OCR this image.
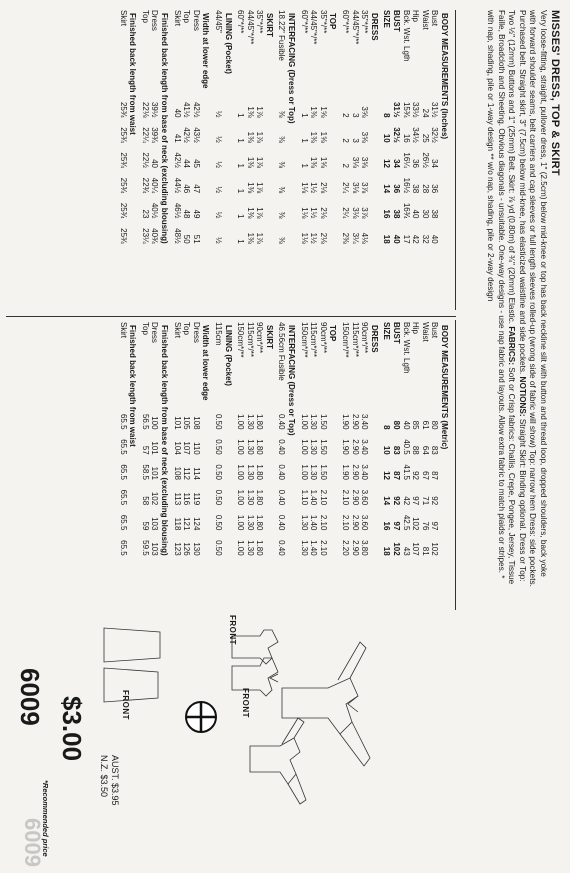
MISSES' DRESS, TOP & SKIRT
Very loose-fitting, straight, pullover dress, 1" (2.5cm) below mid-knee or top has back neckline slit with button and thread loop, dropped shoulders, back yoke with forward shoulder seams, belt carriers and cap sleeves or full length sleeves rolled-up (wrong side of fabric will show) Top: narrow hem Dress: side pockets. Purchased belt. Straight skirt, 3" (7.5cm) below mid-knee, has elasticized waistline and side pockets. NOTIONS: Straight Skirt: Binding optional. Dress or Top: Two ½" (12mm) Buttons and 1" (25mm) Belt. Skirt: ⅞ yd (0.80m) of ¾" (20mm) Elastic. FABRICS: Soft or Crisp fabrics: Challis, Crepe, Pongee, Jersey, Tissue Faille, Broadcloth and Sheeting. Obvious diagonals - unsuitable. One-way designs - use nap fabric and layouts. Allow extra fabric to match plaids or stripes. * with nap, shading, pile or 1-way design ** w/o nap, shading, pile or 2-way design
BODY MEASUREMENTS (Inches)						
Bust	31½	32½	34	36	38	40
Waist	24	25	26½	28	30	32
Hip	33½	34½	36	38	40	42
Bck. Wst. Lgth	15¾	16	16¼	16½	16¾	17
BUST	31½	32½	34	36	38	40
SIZE	8	10	12	14	16	18
DRESS						
35"*/**	3⅝	3⅝	3⅝	3⅞	3⅞	4⅛
44/45"*/**	3	3	3⅛	3⅛	3⅛	3¼
60"*/**	2	2	2	2¼	2¼	2⅜
TOP						
35"*/**	1⅝	1⅝	1⅝	2⅛	2⅛	2⅛
44/45"*/**	1⅜	1⅜	1⅜	1½	1½	1½
60"*/**	1	1	1	1⅛	1⅛	1⅛
INTERFACING (Dress or Top)						
18.22" Fusible	⅜	⅜	⅜	⅜	⅜	⅜
SKIRT						
35"*/**	1⅞	1⅞	1⅞	1⅞	1⅞	1⅞
44/45"*/**	1⅜	1⅜	1⅜	1⅜	1⅜	1⅜
60"*/**	1	1	1	1	1	1
LINING (Pocket)						
44/45"	½	½	½	½	½	½
Width at lower edge						
Dress	42½	43½	45	47	49	51
Top	41½	42½	44	46	48	50
Skirt	40	41	42½	44½	46½	48½
Finished back length from base of neck (excluding blousing)						
Dress	39½	39¾	40	40¼	40½	40¾
Top	22⅛	22¼	22½	22¾	23	23¼
Finished back length from waist						
Skirt	25¾	25¾	25¾	25¾	25¾	25¾
BODY MEASUREMENTS (Metric)						
Bust	80	83	87	92	97	102
Waist	61	64	67	71	76	81
Hip	85	88	92	97	102	107
Bck. Wst. Lgth	40	40.5	41.5	42	42.5	43
BUST	80	83	87	92	97	102
SIZE	8	10	12	14	16	18
DRESS						
90cm*/**	3.40	3.40	3.40	3.60	3.60	3.80
115cm*/**	2.90	2.90	2.90	2.90	2.90	2.90
150cm*/**	1.90	1.90	1.90	2.10	2.10	2.20
TOP						
90cm*/**	1.50	1.50	1.50	2.10	2.10	2.10
115cm*/**	1.30	1.30	1.30	1.40	1.40	1.40
150cm*/**	1.00	1.00	1.00	1.10	1.30	1.30
INTERFACING (Dress or Top)						
46.56cm Fusible	0.40	0.40	0.40	0.40	0.40	0.40
SKIRT						
90cm*/**	1.80	1.80	1.80	1.80	1.80	1.80
115cm*/**	1.30	1.30	1.30	1.30	1.30	1.30
150cm*/**	1.00	1.00	1.00	1.00	1.00	1.00
LINING (Pocket)						
115cm	0.50	0.50	0.50	0.50	0.50	0.50
Width at lower edge						
Dress	108	110	114	119	124	130
Top	105	107	112	116	121	126
Skirt	101	104	108	113	118	123
Finished back length from base of neck (excluding blousing)						
Dress	100	101	101	102	103	103
Top	56.5	57	58.5	58	59	59.5
Finished back length from waist						
Skirt	65.5	65.5	65.5	65.5	65.5	65.5
6009 $3.00
AUST. $3.95
N.Z. $3.50
*Recommended price
6009
FRONT
FRONT
FRONT
